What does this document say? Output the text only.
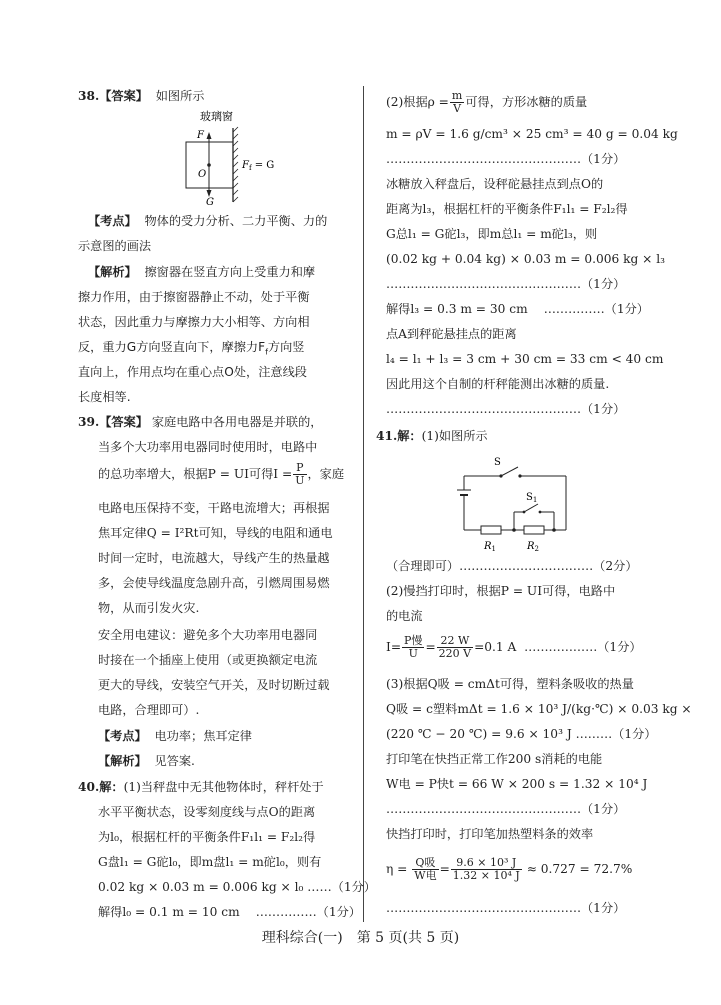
38.【答案】 如图所示
玻璃窗
F
O
G
$F_f = G$
【考点】 物体的受力分析、二力平衡、力的
示意图的画法
【解析】 擦窗器在竖直方向上受重力和摩
擦力作用，由于擦窗器静止不动，处于平衡
状态，因此重力与摩擦力大小相等、方向相
反，重力G方向竖直向下，摩擦力$F_f$方向竖
直向上，作用点均在重心点O处，注意线段
长度相等.
39.【答案】 家庭电路中各用电器是并联的，
当多个大功率用电器同时使用时，电路中
的总功率增大，根据P = UI可得$I = \frac{P}{U}$ ，家庭
电路电压保持不变，干路电流增大；再根据
焦耳定律Q = I²Rt可知，导线的电阻和通电
时间一定时，电流越大，导线产生的热量越
多，会使导线温度急剧升高，引燃周围易燃
物，从而引发火灾.
安全用电建议：避免多个大功率用电器同
时接在一个插座上使用（或更换额定电流
更大的导线，安装空气开关，及时切断过载
电路，合理即可）.
【考点】 电功率；焦耳定律
【解析】 见答案.
40.解：(1)当秤盘中无其他物体时，秤杆处于
水平平衡状态，设零刻度线与点O的距离
为l₀，根据杠杆的平衡条件F₁l₁ = F₂l₂得
G盘l₁ = G砣l₀，即m盘l₁ = m砣l₀，则有
0.02 kg × 0.03 m = 0.006 kg × l₀ ……（1分）
解得l₀ = 0.1 m = 10 cm　 ……………（1分）
(2)根据$\rho = \frac{m}{V}$ 可得，方形冰糖的质量
m = ρV = 1.6 g/cm³ × 25 cm³ = 40 g = 0.04 kg
…………………………………………（1分）
冰糖放入秤盘后，设秤砣悬挂点到点O的
距离为l₃，根据杠杆的平衡条件F₁l₁ = F₂l₂得
G总l₁ = G砣l₃，即m总l₁ = m砣l₃，则
(0.02 kg + 0.04 kg) × 0.03 m = 0.006 kg × l₃
…………………………………………（1分）
解得l₃ = 0.3 m = 30 cm　 ……………（1分）
点A到秤砣悬挂点的距离
l₄ = l₁ + l₃ = 3 cm + 30 cm = 33 cm < 40 cm
因此用这个自制的杆秤能测出冰糖的质量.
…………………………………………（1分）
41.解：(1)如图所示
S
$S_1$
$R_1$	$R_2$
（合理即可）……………………………（2分）
(2)慢挡打印时，根据P = UI可得，电路中
的电流
$I= \frac{\text{P慢}}{U} = \frac{22 W}{220 V} =0.1$ A ………………（1分）
(3)根据Q吸 = cmΔt可得，塑料条吸收的热量
Q吸 = c塑料mΔt = 1.6 × 10³ J/(kg·℃) × 0.03 kg ×
(220 ℃ − 20 ℃) = 9.6 × 10³ J ………（1分）
打印笔在快挡正常工作200 s消耗的电能
W电 = P快t = 66 W × 200 s = 1.32 × 10⁴ J
…………………………………………（1分）
快挡打印时，打印笔加热塑料条的效率
$\eta = \frac{\text{Q吸}}{\text{W电}} = \frac{\text{9.6 × 10³ J}}{\text{1.32 × 10⁴ J}} \approx 0.727 = 72.7\%$
…………………………………………（1分）
理科综合(一)　第 5 页(共 5 页)
